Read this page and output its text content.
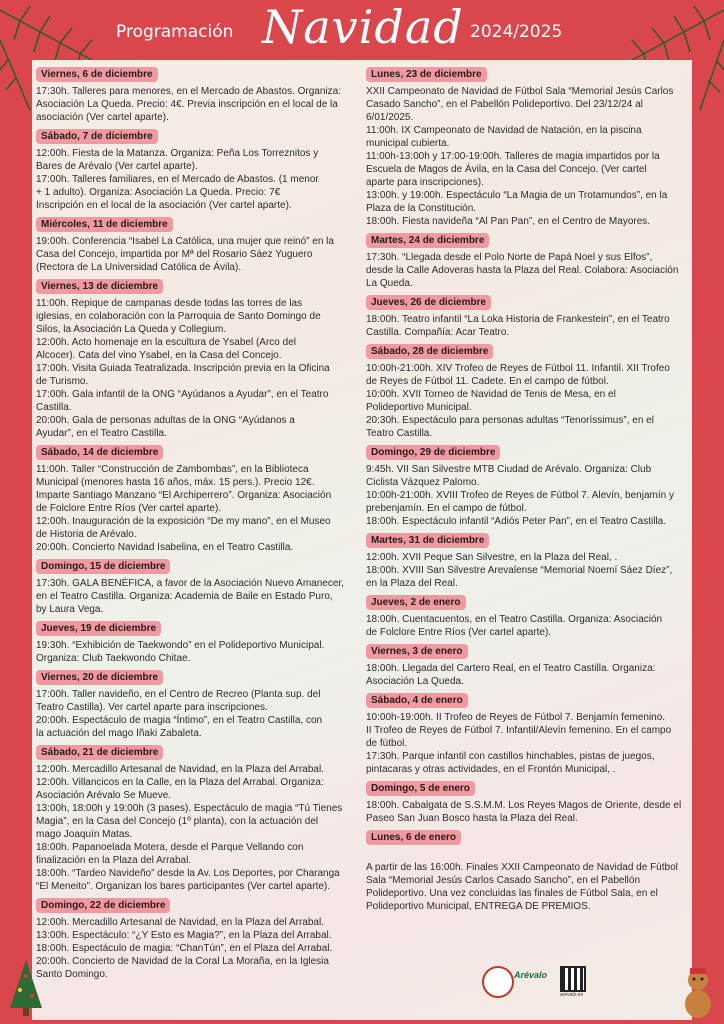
Programación Navidad 2024/2025
Viernes, 6 de diciembre

17:30h. Talleres para menores, en el Mercado de Abastos. Organiza:

Asociación La Queda. Precio: 4€. Previa inscripción en el local de la

asociación (Ver cartel aparte).

Sábado, 7 de diciembre

12:00h. Fiesta de la Matanza. Organiza: Peña Los Torreznitos y

Bares de Arévalo (Ver cartel aparte).

17:00h. Talleres familiares, en el Mercado de Abastos. (1 menor

+ 1 adulto). Organiza: Asociación La Queda. Precio: 7€

Inscripción en el local de la asociación (Ver cartel aparte).

Miércoles, 11 de diciembre

19:00h. Conferencia “Isabel La Católica, una mujer que reinó” en la

Casa del Concejo, impartida por Mª del Rosario Sáez Yuguero

(Rectora de La Universidad Católica de Ávila).

Viernes, 13 de diciembre

11:00h. Repique de campanas desde todas las torres de las

iglesias, en colaboración con la Parroquia de Santo Domingo de

Silos, la Asociación La Queda y Collegium.

12:00h. Acto homenaje en la escultura de Ysabel (Arco del

Alcocer). Cata del vino Ysabel, en la Casa del Concejo.

17:00h. Visita Guiada Teatralizada. Inscripción previa en la Oficina

de Turismo.

17:00h. Gala infantil de la ONG “Ayúdanos a Ayudar”, en el Teatro

Castilla.

20:00h. Gala de personas adultas de la ONG “Ayúdanos a

Ayudar”, en el Teatro Castilla.

Sábado, 14 de diciembre

11:00h. Taller “Construcción de Zambombas”, en la Biblioteca

Municipal (menores hasta 16 años, máx. 15 pers.). Precio 12€.

Imparte Santiago Manzano “El Archiperrero”. Organiza: Asociación

de Folclore Entre Ríos (Ver cartel aparte).

12:00h. Inauguración de la exposición “De my mano”, en el Museo

de Historia de Arévalo.

20:00h. Concierto Navidad Isabelina, en el Teatro Castilla.

Domingo, 15 de diciembre

17:30h. GALA BENÉFICA, a favor de la Asociación Nuevo Amanecer,

en el Teatro Castilla. Organiza: Academia de Baile en Estado Puro,

by Laura Vega.

Jueves, 19 de diciembre

19:30h. “Exhibición de Taekwondo” en el Polideportivo Municipal.

Organiza: Club Taekwondo Chitae.

Viernes, 20 de diciembre

17:00h. Taller navideño, en el Centro de Recreo (Planta sup. del

Teatro Castilla). Ver cartel aparte para inscripciones.

20:00h. Espectáculo de magia “Íntimo”, en el Teatro Castilla, con

la actuación del mago Iñaki Zabaleta.

Sábado, 21 de diciembre

12:00h. Mercadillo Artesanal de Navidad, en la Plaza del Arrabal.

12:00h. Villancicos en la Calle, en la Plaza del Arrabal. Organiza:

Asociación Arévalo Se Mueve.

13:00h, 18:00h y 19:00h (3 pases). Espectáculo de magia “Tú Tienes

Magia”, en la Casa del Concejo (1º planta), con la actuación del

mago Joaquín Matas.

18:00h. Papanoelada Motera, desde el Parque Vellando con

finalización en la Plaza del Arrabal.

18:00h. “Tardeo Navideño” desde la Av. Los Deportes, por Charanga

“El Meneito”. Organizan los bares participantes (Ver cartel aparte).

Domingo, 22 de diciembre

12:00h. Mercadillo Artesanal de Navidad, en la Plaza del Arrabal.

13:00h. Espectáculo: “¿Y Esto es Magia?”, en la Plaza del Arrabal.

18:00h. Espectáculo de magia: “ChanTún”, en el Plaza del Arrabal.

20:00h. Concierto de Navidad de la Coral La Moraña, en la Iglesia

Santo Domingo.

Lunes, 23 de diciembre

XXII Campeonato de Navidad de Fútbol Sala “Memorial Jesús Carlos

Casado Sancho”, en el Pabellón Polideportivo. Del 23/12/24 al

6/01/2025.

11:00h. IX Campeonato de Navidad de Natación, en la piscina

municipal cubierta.

11:00h-13:00h y 17:00-19:00h. Talleres de magia impartidos por la

Escuela de Magos de Ávila, en la Casa del Concejo. (Ver cartel

aparte para inscripciones).

13:00h. y 19:00h. Espectáculo “La Magia de un Trotamundos”, en la

Plaza de la Constitución.

18:00h. Fiesta navideña “Al Pan Pan”, en el Centro de Mayores.

Martes, 24 de diciembre

17:30h. “Llegada desde el Polo Norte de Papá Noel y sus Elfos”,

desde la Calle Adoveras hasta la Plaza del Real. Colabora: Asociación

La Queda.

Jueves, 26 de diciembre

18:00h. Teatro infantil “La Loka Historia de Frankestein”, en el Teatro

Castilla. Compañía: Acar Teatro.

Sábado, 28 de diciembre

10:00h-21:00h. XIV Trofeo de Reyes de Fútbol 11. Infantil. XII Trofeo

de Reyes de Fútbol 11. Cadete. En el campo de fútbol.

10:00h. XVII Torneo de Navidad de Tenis de Mesa, en el

Polideportivo Municipal.

20:30h. Espectáculo para personas adultas “Tenoríssimus”, en el

Teatro Castilla.

Domingo, 29 de diciembre

9:45h. VII San Silvestre MTB Ciudad de Arévalo. Organiza: Club

Ciclista Vázquez Palomo.

10:00h-21:00h. XVIII Trofeo de Reyes de Fútbol 7. Alevín, benjamín y

prebenjamín. En el campo de fútbol.

18:00h. Espectáculo infantil “Adiós Peter Pan”, en el Teatro Castilla.

Martes, 31 de diciembre

12:00h. XVII Peque San Silvestre, en la Plaza del Real, .

18:00h. XVIII San Silvestre Arevalense “Memorial Noemí Sáez Díez”,

en la Plaza del Real.

Jueves, 2 de enero

18:00h. Cuentacuentos, en el Teatro Castilla. Organiza: Asociación

de Folclore Entre Ríos (Ver cartel aparte).

Viernes, 3 de enero

18:00h. Llegada del Cartero Real, en el Teatro Castilla. Organiza:

Asociación La Queda.

Sábado, 4 de enero

10:00h-19:00h. II Trofeo de Reyes de Fútbol 7. Benjamín femenino.

II Trofeo de Reyes de Fútbol 7. Infantil/Alevín femenino. En el campo

de fútbol.

17:30h. Parque infantil con castillos hinchables, pistas de juegos,

pintacaras y otras actividades, en el Frontón Municipal, .

Domingo, 5 de enero

18:00h. Cabalgata de S.S.M.M. Los Reyes Magos de Oriente, desde el

Paseo San Juan Bosco hasta la Plaza del Real.

Lunes, 6 de enero

A partir de las 16:00h. Finales XXII Campeonato de Navidad de Fútbol

Sala “Memorial Jesús Carlos Casado Sancho”, en el Pabellón

Polideportivo. Una vez concluidas las finales de Fútbol Sala, en el

Polideportivo Municipal, ENTREGA DE PREMIOS.

Arévalo
arevalo.es
